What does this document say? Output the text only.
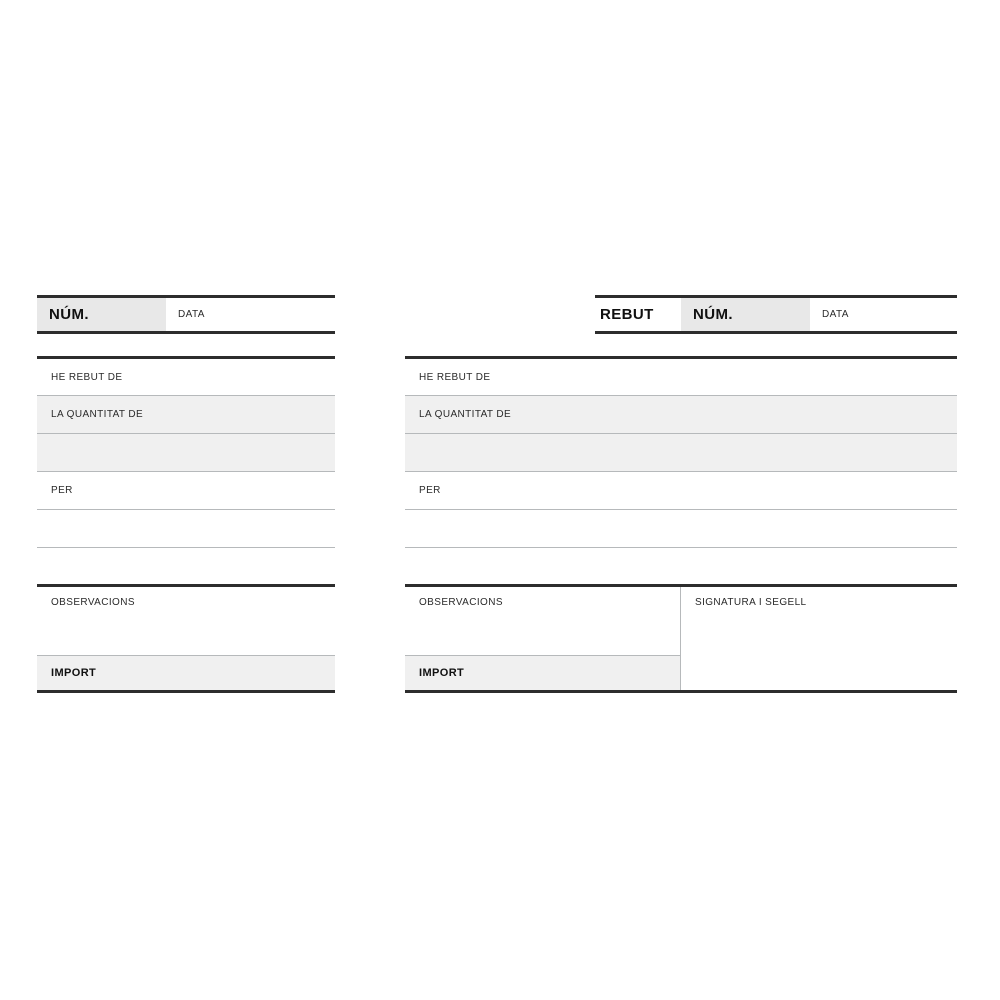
NÚM.	DATA
HE REBUT DE
LA QUANTITAT DE
PER
OBSERVACIONS
IMPORT
REBUT	NÚM.	DATA
HE REBUT DE
LA QUANTITAT DE
PER
OBSERVACIONS
IMPORT
SIGNATURA I SEGELL
